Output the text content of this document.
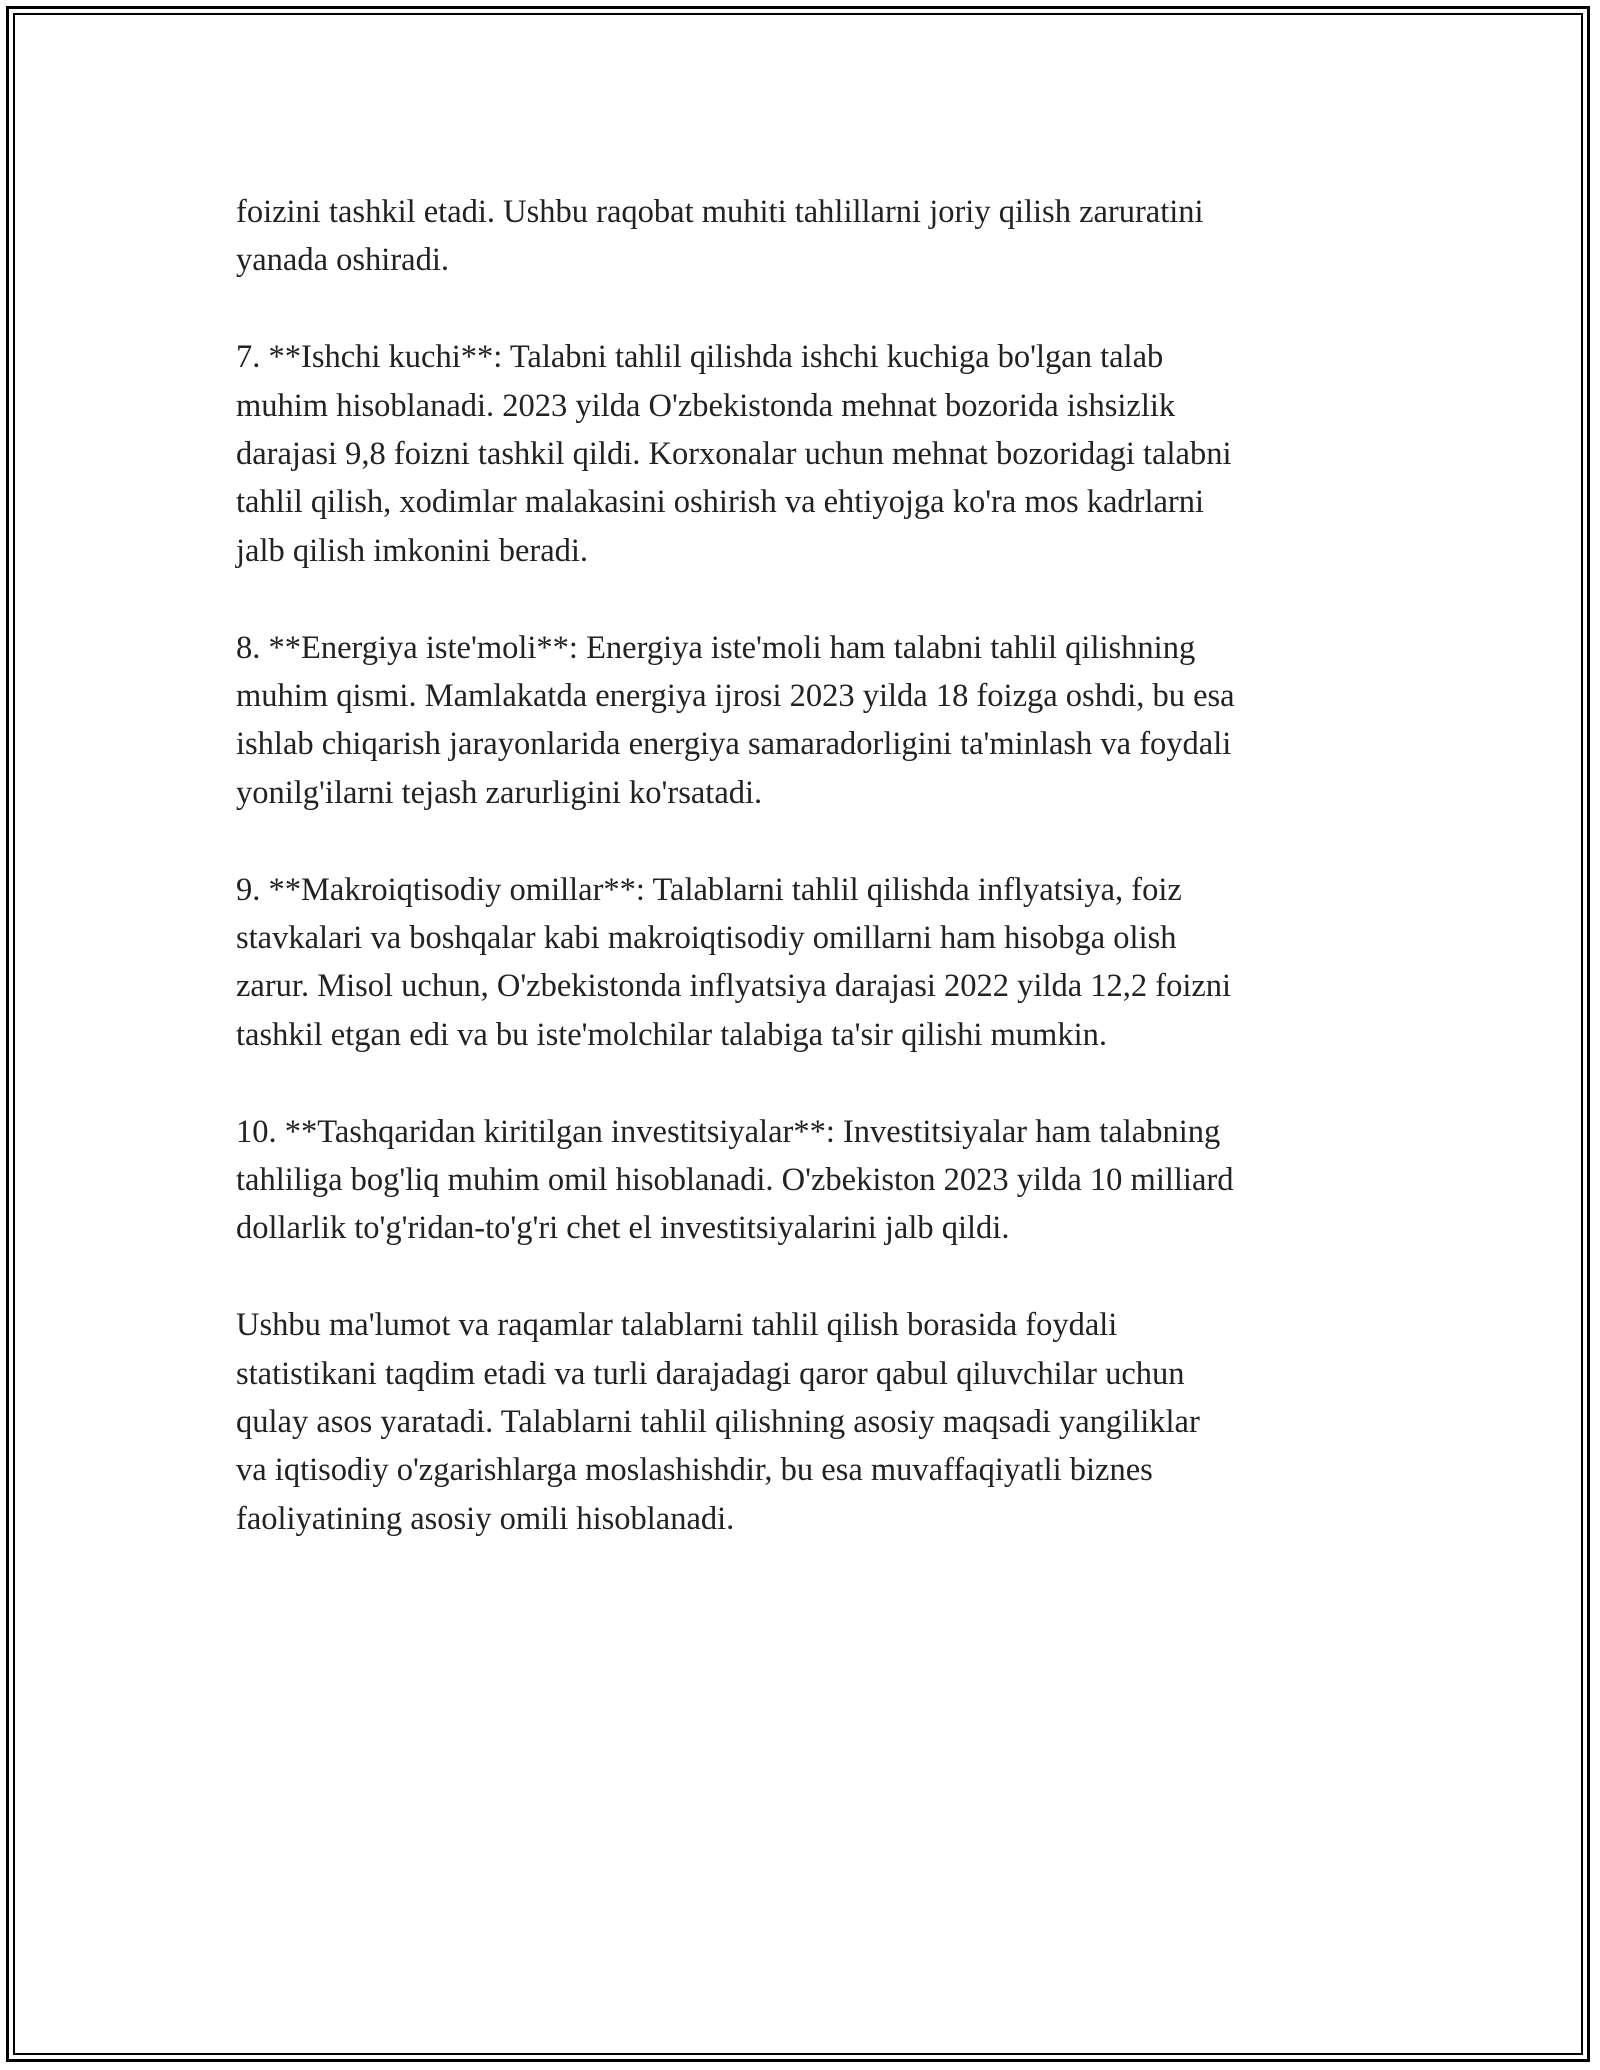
foizini tashkil etadi. Ushbu raqobat muhiti tahlillarni joriy qilish zaruratini
yanada oshiradi.

7. **Ishchi kuchi**: Talabni tahlil qilishda ishchi kuchiga bo'lgan talab
muhim hisoblanadi. 2023 yilda O'zbekistonda mehnat bozorida ishsizlik
darajasi 9,8 foizni tashkil qildi. Korxonalar uchun mehnat bozoridagi talabni
tahlil qilish, xodimlar malakasini oshirish va ehtiyojga ko'ra mos kadrlarni
jalb qilish imkonini beradi.

8. **Energiya iste'moli**: Energiya iste'moli ham talabni tahlil qilishning
muhim qismi. Mamlakatda energiya ijrosi 2023 yilda 18 foizga oshdi, bu esa
ishlab chiqarish jarayonlarida energiya samaradorligini ta'minlash va foydali
yonilg'ilarni tejash zarurligini ko'rsatadi.

9. **Makroiqtisodiy omillar**: Talablarni tahlil qilishda inflyatsiya, foiz
stavkalari va boshqalar kabi makroiqtisodiy omillarni ham hisobga olish
zarur. Misol uchun, O'zbekistonda inflyatsiya darajasi 2022 yilda 12,2 foizni
tashkil etgan edi va bu iste'molchilar talabiga ta'sir qilishi mumkin.

10. **Tashqaridan kiritilgan investitsiyalar**: Investitsiyalar ham talabning
tahliliga bog'liq muhim omil hisoblanadi. O'zbekiston 2023 yilda 10 milliard
dollarlik to'g'ridan-to'g'ri chet el investitsiyalarini jalb qildi.

Ushbu ma'lumot va raqamlar talablarni tahlil qilish borasida foydali
statistikani taqdim etadi va turli darajadagi qaror qabul qiluvchilar uchun
qulay asos yaratadi. Talablarni tahlil qilishning asosiy maqsadi yangiliklar
va iqtisodiy o'zgarishlarga moslashishdir, bu esa muvaffaqiyatli biznes
faoliyatining asosiy omili hisoblanadi.
